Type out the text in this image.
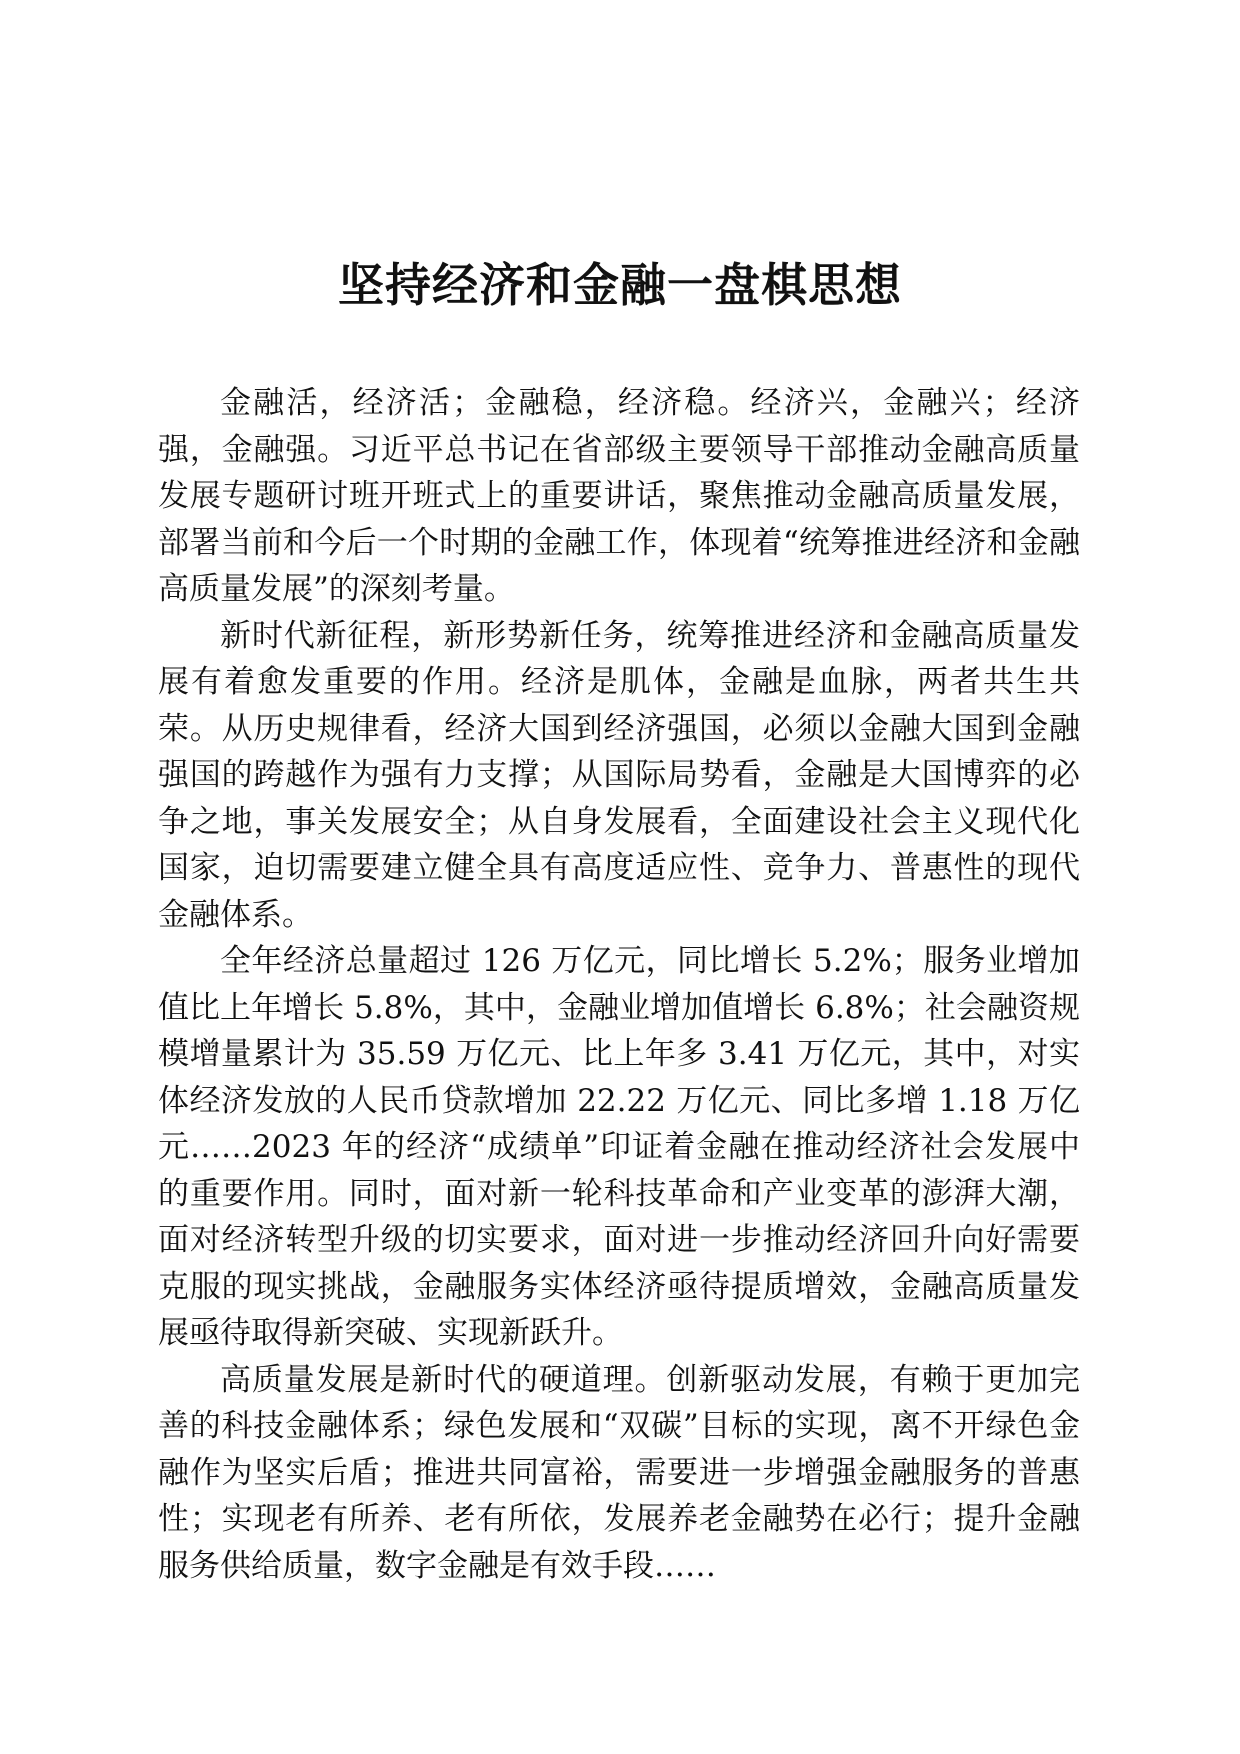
坚持经济和金融一盘棋思想

金融活，经济活；金融稳，经济稳。经济兴，金融兴；经济强，金融强。习近平总书记在省部级主要领导干部推动金融高质量发展专题研讨班开班式上的重要讲话，聚焦推动金融高质量发展，部署当前和今后一个时期的金融工作，体现着“统筹推进经济和金融高质量发展”的深刻考量。

新时代新征程，新形势新任务，统筹推进经济和金融高质量发展有着愈发重要的作用。经济是肌体，金融是血脉，两者共生共荣。从历史规律看，经济大国到经济强国，必须以金融大国到金融强国的跨越作为强有力支撑；从国际局势看，金融是大国博弈的必争之地，事关发展安全；从自身发展看，全面建设社会主义现代化国家，迫切需要建立健全具有高度适应性、竞争力、普惠性的现代金融体系。

全年经济总量超过 126 万亿元，同比增长 5.2%；服务业增加值比上年增长 5.8%，其中，金融业增加值增长 6.8%；社会融资规模增量累计为 35.59 万亿元、比上年多 3.41 万亿元，其中，对实体经济发放的人民币贷款增加 22.22 万亿元、同比多增 1.18 万亿元……2023 年的经济“成绩单”印证着金融在推动经济社会发展中的重要作用。同时，面对新一轮科技革命和产业变革的澎湃大潮，面对经济转型升级的切实要求，面对进一步推动经济回升向好需要克服的现实挑战，金融服务实体经济亟待提质增效，金融高质量发展亟待取得新突破、实现新跃升。

高质量发展是新时代的硬道理。创新驱动发展，有赖于更加完善的科技金融体系；绿色发展和“双碳”目标的实现，离不开绿色金融作为坚实后盾；推进共同富裕，需要进一步增强金融服务的普惠性；实现老有所养、老有所依，发展养老金融势在必行；提升金融服务供给质量，数字金融是有效手段……
